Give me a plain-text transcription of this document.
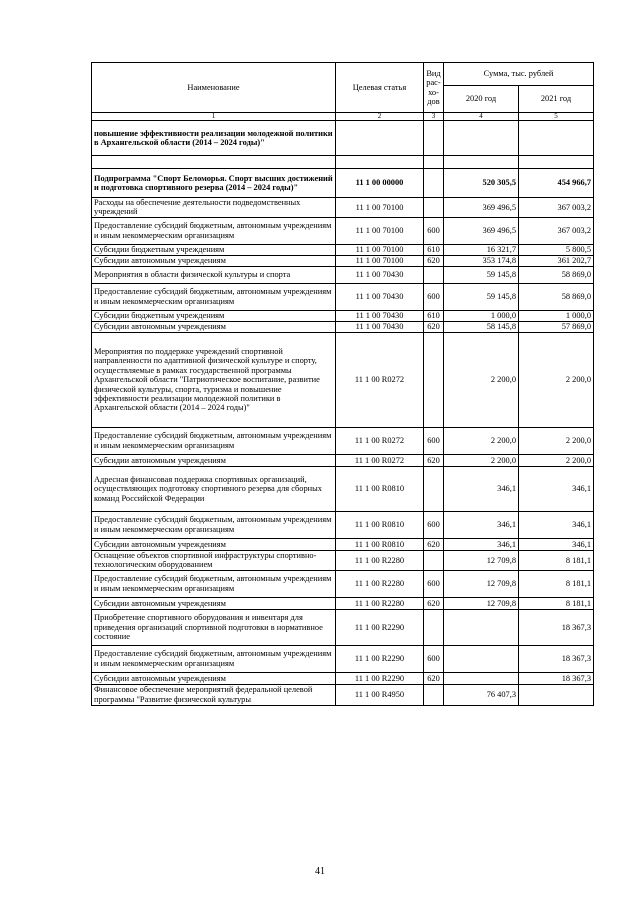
Наименование	Целевая статья	Вид рас- хо- дов	Сумма, тыс. рублей	
			2020 год	2021 год
1	2	3	4	5
повышение эффективности реализации молодежной политики в Архангельской области (2014 – 2024 годы)"				

Подпрограмма "Спорт Беломорья. Спорт высших достижений и подготовка спортивного резерва (2014 – 2024 годы)"	11 1 00 00000		520 305,5	454 966,7
Расходы на обеспечение деятельности подведомственных учреждений	11 1 00 70100		369 496,5	367 003,2
Предоставление субсидий бюджетным, автономным учреждениям и иным некоммерческим организациям	11 1 00 70100	600	369 496,5	367 003,2
Субсидии бюджетным учреждениям	11 1 00 70100	610	16 321,7	5 800,5
Субсидии автономным учреждениям	11 1 00 70100	620	353 174,8	361 202,7
Мероприятия в области физической культуры и спорта	11 1 00 70430		59 145,8	58 869,0
Предоставление субсидий бюджетным, автономным учреждениям и иным некоммерческим организациям	11 1 00 70430	600	59 145,8	58 869,0
Субсидии бюджетным учреждениям	11 1 00 70430	610	1 000,0	1 000,0
Субсидии автономным учреждениям	11 1 00 70430	620	58 145,8	57 869,0
Мероприятия по поддержке учреждений спортивной направленности по адаптивной физической культуре и спорту, осуществляемые в рамках государственной программы Архангельской области "Патриотическое воспитание, развитие физической культуры, спорта, туризма и повышение эффективности реализации молодежной политики в Архангельской области (2014 – 2024 годы)"	11 1 00 R0272		2 200,0	2 200,0
Предоставление субсидий бюджетным, автономным учреждениям и иным некоммерческим организациям	11 1 00 R0272	600	2 200,0	2 200,0
Субсидии автономным учреждениям	11 1 00 R0272	620	2 200,0	2 200,0
Адресная финансовая поддержка спортивных организаций, осуществляющих подготовку спортивного резерва для сборных команд Российской Федерации	11 1 00 R0810		346,1	346,1
Предоставление субсидий бюджетным, автономным учреждениям и иным некоммерческим организациям	11 1 00 R0810	600	346,1	346,1
Субсидии автономным учреждениям	11 1 00 R0810	620	346,1	346,1
Оснащение объектов спортивной инфраструктуры спортивно-технологическим оборудованием	11 1 00 R2280		12 709,8	8 181,1
Предоставление субсидий бюджетным, автономным учреждениям и иным некоммерческим организациям	11 1 00 R2280	600	12 709,8	8 181,1
Субсидии автономным учреждениям	11 1 00 R2280	620	12 709,8	8 181,1
Приобретение спортивного оборудования и инвентаря для приведения организаций спортивной подготовки в нормативное состояние	11 1 00 R2290			18 367,3
Предоставление субсидий бюджетным, автономным учреждениям и иным некоммерческим организациям	11 1 00 R2290	600		18 367,3
Субсидии автономным учреждениям	11 1 00 R2290	620		18 367,3
Финансовое обеспечение мероприятий федеральной целевой программы "Развитие физической культуры	11 1 00 R4950		76 407,3	
41
